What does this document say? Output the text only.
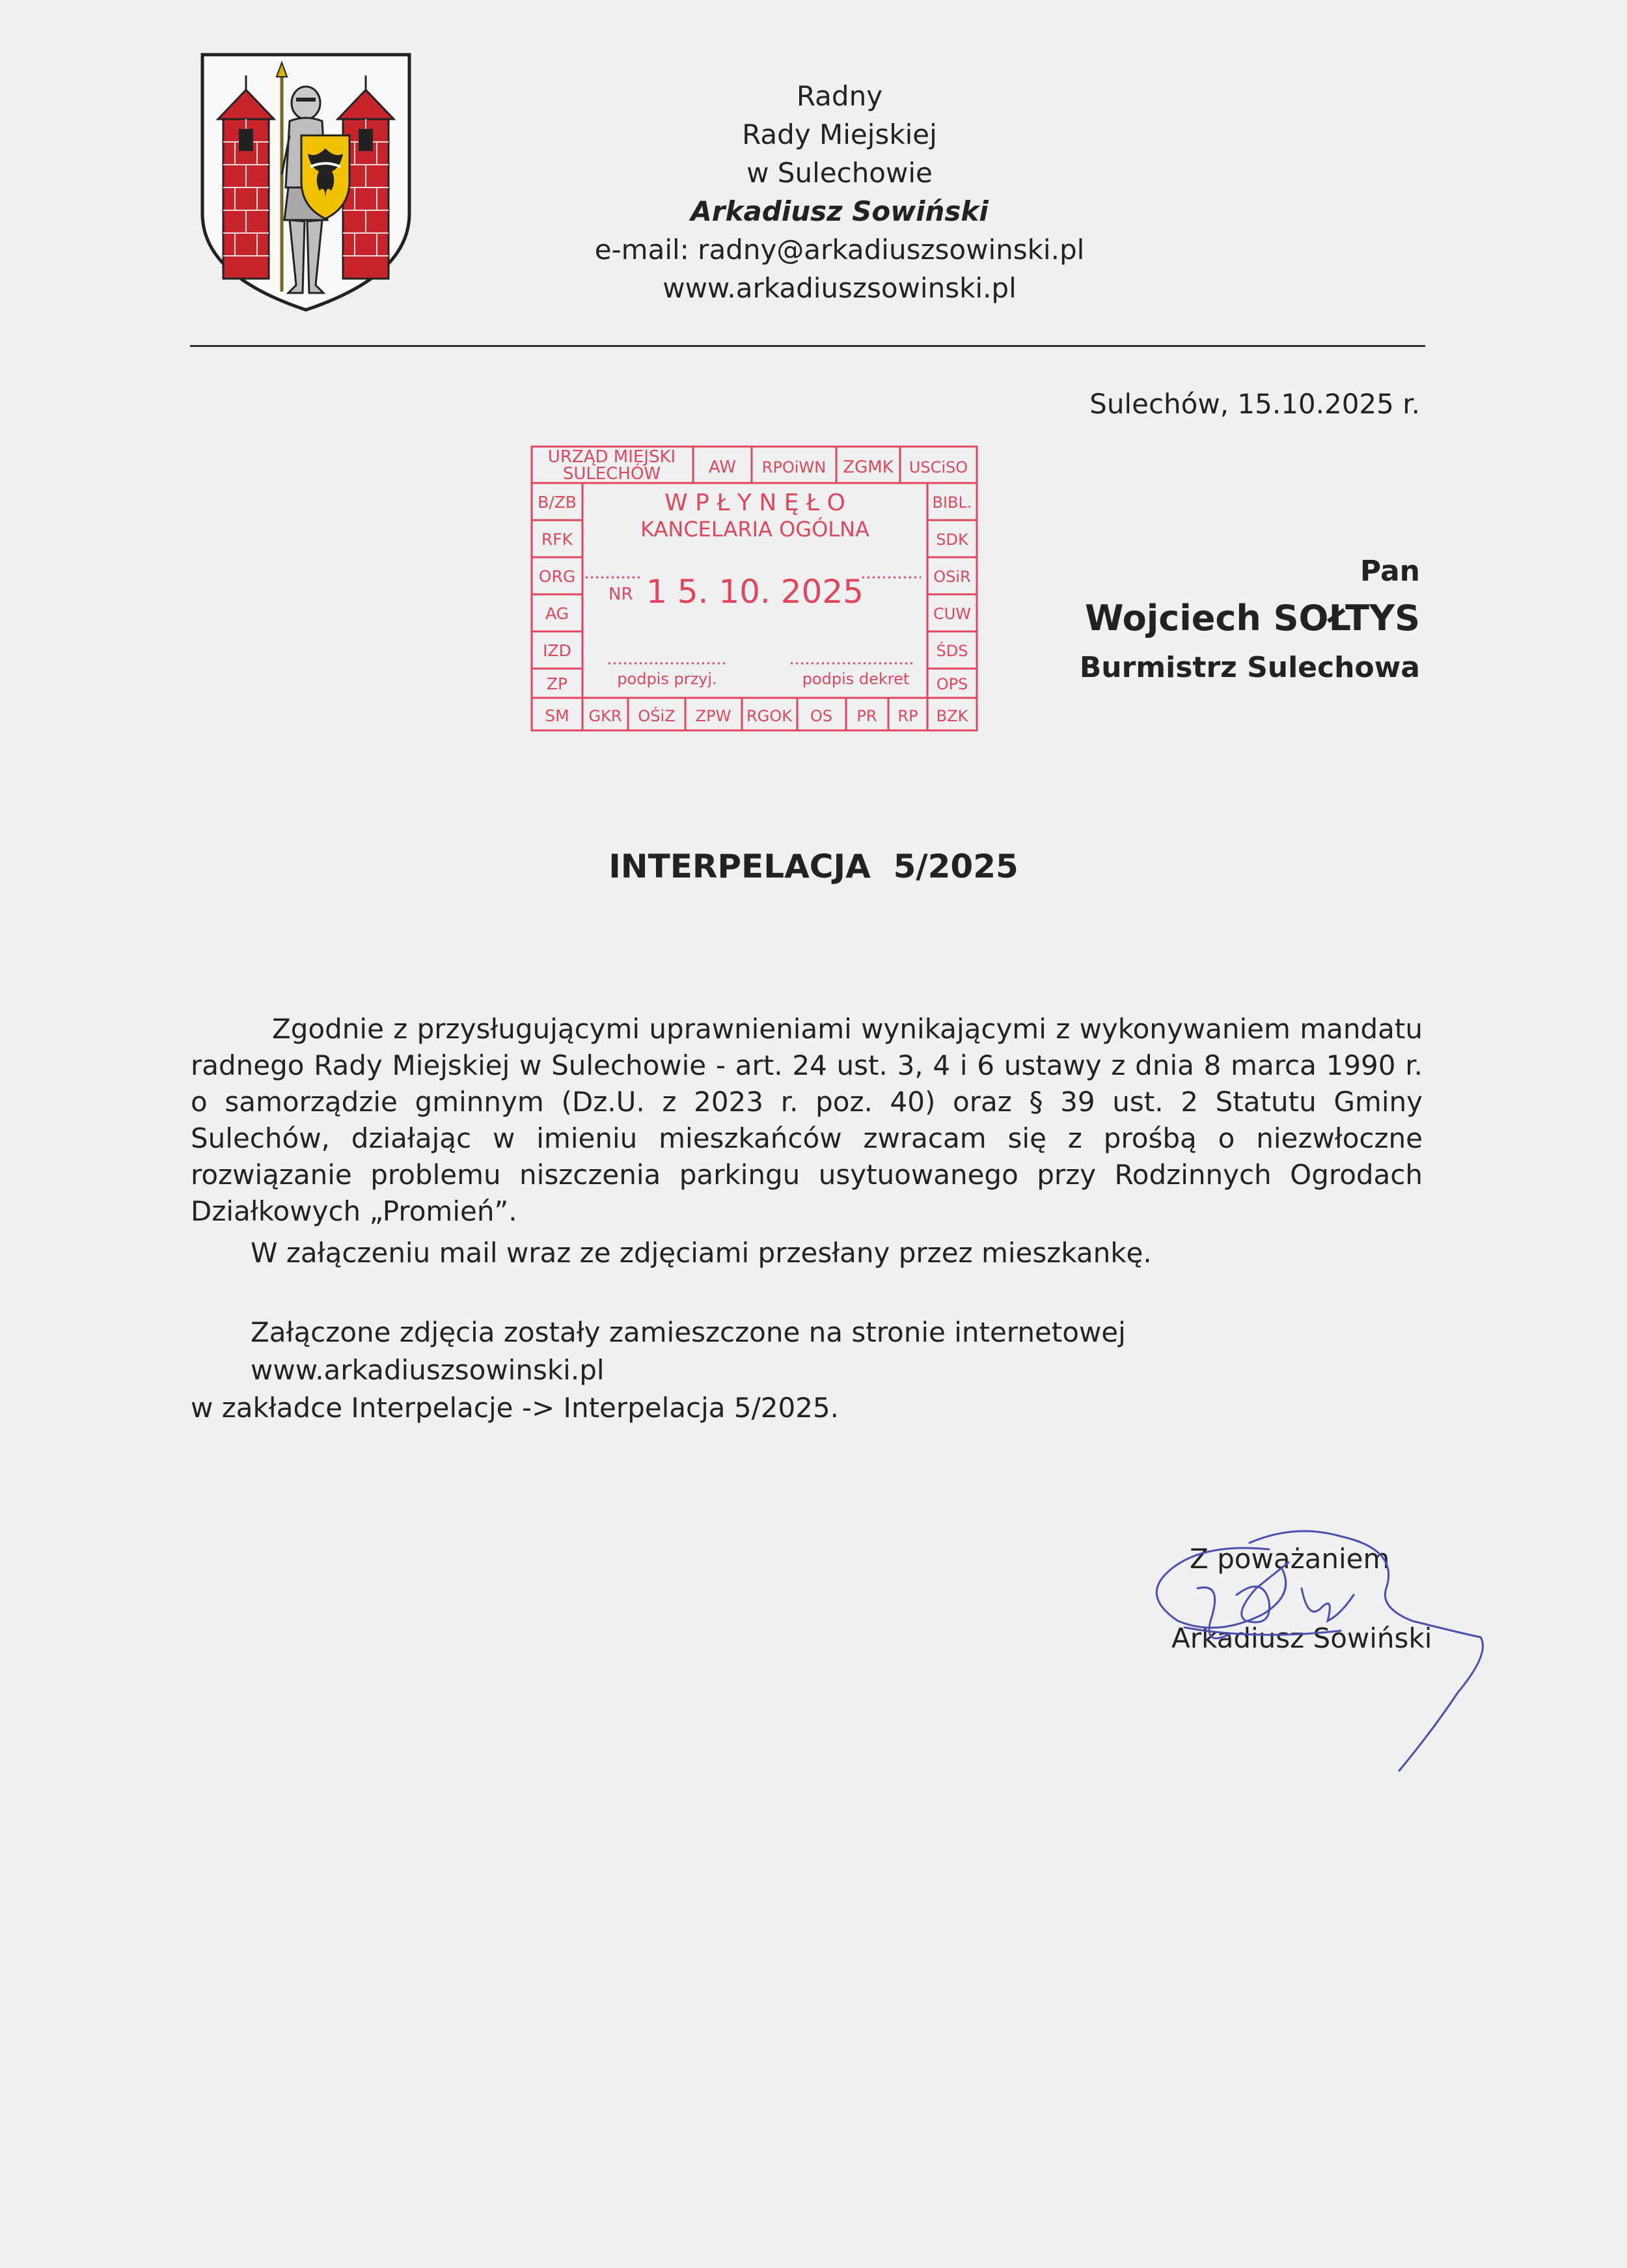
Radny
Rady Miejskiej
w Sulechowie
Arkadiusz Sowiński
e-mail: radny@arkadiuszsowinski.pl
www.arkadiuszsowinski.pl
Sulechów, 15.10.2025 r.
URZĄD MIEJSKI
SULECHÓW	AW RPOiWN ZGMK USCiSO
B/ZB
RFK
ORG
AG
IZD
ZP
SM
BIBL.
SDK
OSiR
CUW
ŚDS
OPS
BZK
GKR OŚiZ ZPW RGOK OS PR RP
W P Ł Y N Ę Ł O
KANCELARIA OGÓLNA
NR 1 5. 10. 2025
podpis przyj.	podpis dekret
Pan
Wojciech SOŁTYS
Burmistrz Sulechowa
INTERPELACJA  5/2025
Zgodnie z przysługującymi uprawnieniami wynikającymi z wykonywaniem mandatu radnego Rady Miejskiej w Sulechowie - art. 24 ust. 3, 4 i 6 ustawy z dnia 8 marca 1990 r. o samorządzie gminnym (Dz.U. z 2023 r. poz. 40) oraz § 39 ust. 2 Statutu Gminy Sulechów, działając w imieniu mieszkańców zwracam się z prośbą o niezwłoczne rozwiązanie problemu niszczenia parkingu usytuowanego przy Rodzinnych Ogrodach Działkowych „Promień”.
W załączeniu mail wraz ze zdjęciami przesłany przez mieszkankę.
Załączone zdjęcia zostały zamieszczone na stronie internetowej www.arkadiuszsowinski.pl
w zakładce Interpelacje -> Interpelacja 5/2025.
Z poważaniem
Arkadiusz Sowiński
